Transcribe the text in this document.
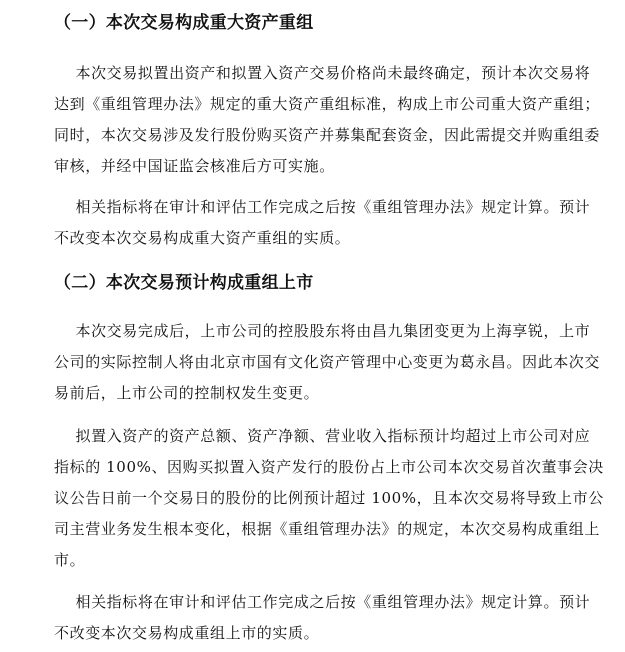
（一）本次交易构成重大资产重组
本次交易拟置出资产和拟置入资产交易价格尚未最终确定，预计本次交易将
达到《重组管理办法》规定的重大资产重组标准，构成上市公司重大资产重组；
同时，本次交易涉及发行股份购买资产并募集配套资金，因此需提交并购重组委
审核，并经中国证监会核准后方可实施。
相关指标将在审计和评估工作完成之后按《重组管理办法》规定计算。预计
不改变本次交易构成重大资产重组的实质。
（二）本次交易预计构成重组上市
本次交易完成后，上市公司的控股股东将由昌九集团变更为上海享锐，上市
公司的实际控制人将由北京市国有文化资产管理中心变更为葛永昌。因此本次交
易前后，上市公司的控制权发生变更。
拟置入资产的资产总额、资产净额、营业收入指标预计均超过上市公司对应
指标的 100%、因购买拟置入资产发行的股份占上市公司本次交易首次董事会决
议公告日前一个交易日的股份的比例预计超过 100%，且本次交易将导致上市公
司主营业务发生根本变化，根据《重组管理办法》的规定，本次交易构成重组上
市。
相关指标将在审计和评估工作完成之后按《重组管理办法》规定计算。预计
不改变本次交易构成重组上市的实质。
